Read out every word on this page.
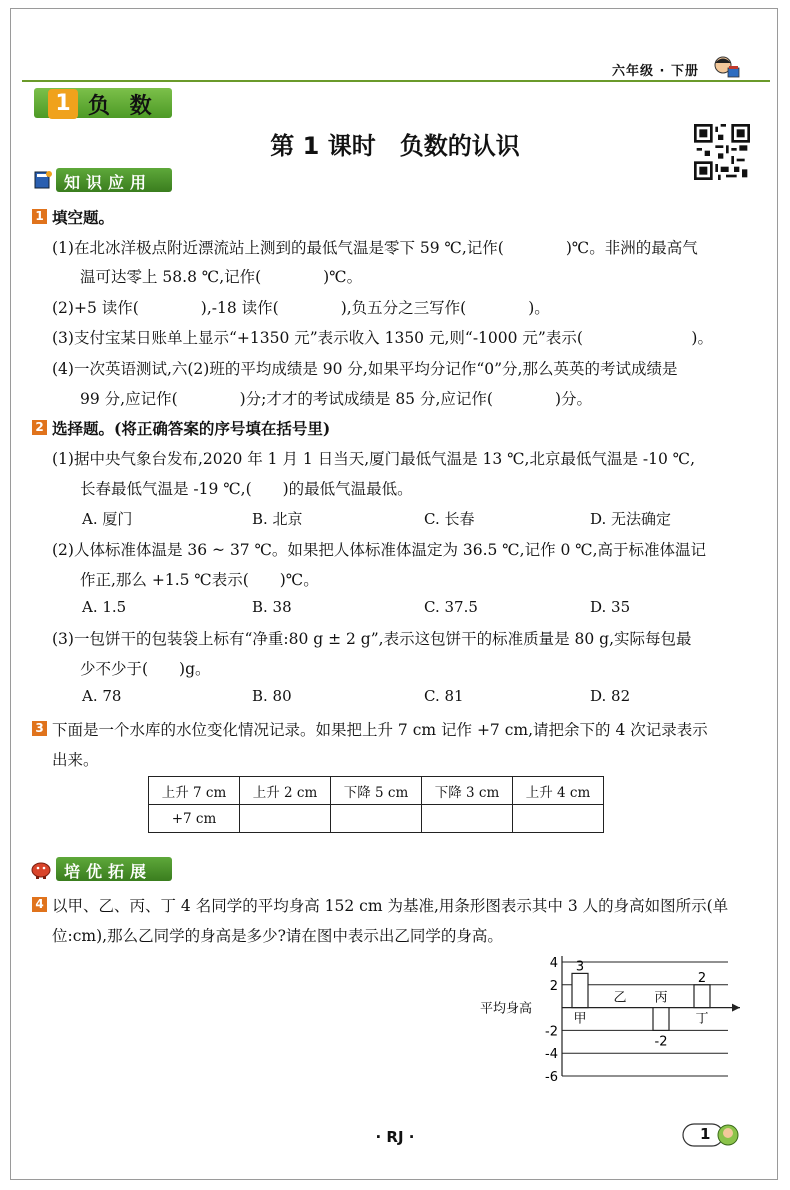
六年级 · 下册
1 负 数
第 1 课时　负数的认识
知识应用
1 填空题。
(1)在北冰洋极点附近漂流站上测到的最低气温是零下 59 ℃,记作(　　　　)℃。非洲的最高气
温可达零上 58.8 ℃,记作(　　　　)℃。
(2)+5 读作(　　　　),-18 读作(　　　　),负五分之三写作(　　　　)。
(3)支付宝某日账单上显示“+1350 元”表示收入 1350 元,则“-1000 元”表示(　　　　　　　)。
(4)一次英语测试,六(2)班的平均成绩是 90 分,如果平均分记作“0”分,那么英英的考试成绩是
99 分,应记作(　　　　)分;才才的考试成绩是 85 分,应记作(　　　　)分。
2 选择题。(将正确答案的序号填在括号里)
(1)据中央气象台发布,2020 年 1 月 1 日当天,厦门最低气温是 13 ℃,北京最低气温是 -10 ℃,
长春最低气温是 -19 ℃,(　　)的最低气温最低。
A. 厦门	B. 北京	C. 长春	D. 无法确定
(2)人体标准体温是 36 ~ 37 ℃。如果把人体标准体温定为 36.5 ℃,记作 0 ℃,高于标准体温记
作正,那么 +1.5 ℃表示(　　)℃。
A. 1.5	B. 38	C. 37.5	D. 35
(3)一包饼干的包装袋上标有“净重:80 g ± 2 g”,表示这包饼干的标准质量是 80 g,实际每包最
少不少于(　　)g。
A. 78	B. 80	C. 81	D. 82
3 下面是一个水库的水位变化情况记录。如果把上升 7 cm 记作 +7 cm,请把余下的 4 次记录表示
出来。
上升 7 cm	上升 2 cm	下降 5 cm	下降 3 cm	上升 4 cm
+7 cm				
培优拓展
4 以甲、乙、丙、丁 4 名同学的平均身高 152 cm 为基准,用条形图表示其中 3 人的身高如图所示(单
位:cm),那么乙同学的身高是多少?请在图中表示出乙同学的身高。
4
2
-2
-4
-6
平均身高
3
甲
乙
-2
丙
2
丁
· RJ ·	1
